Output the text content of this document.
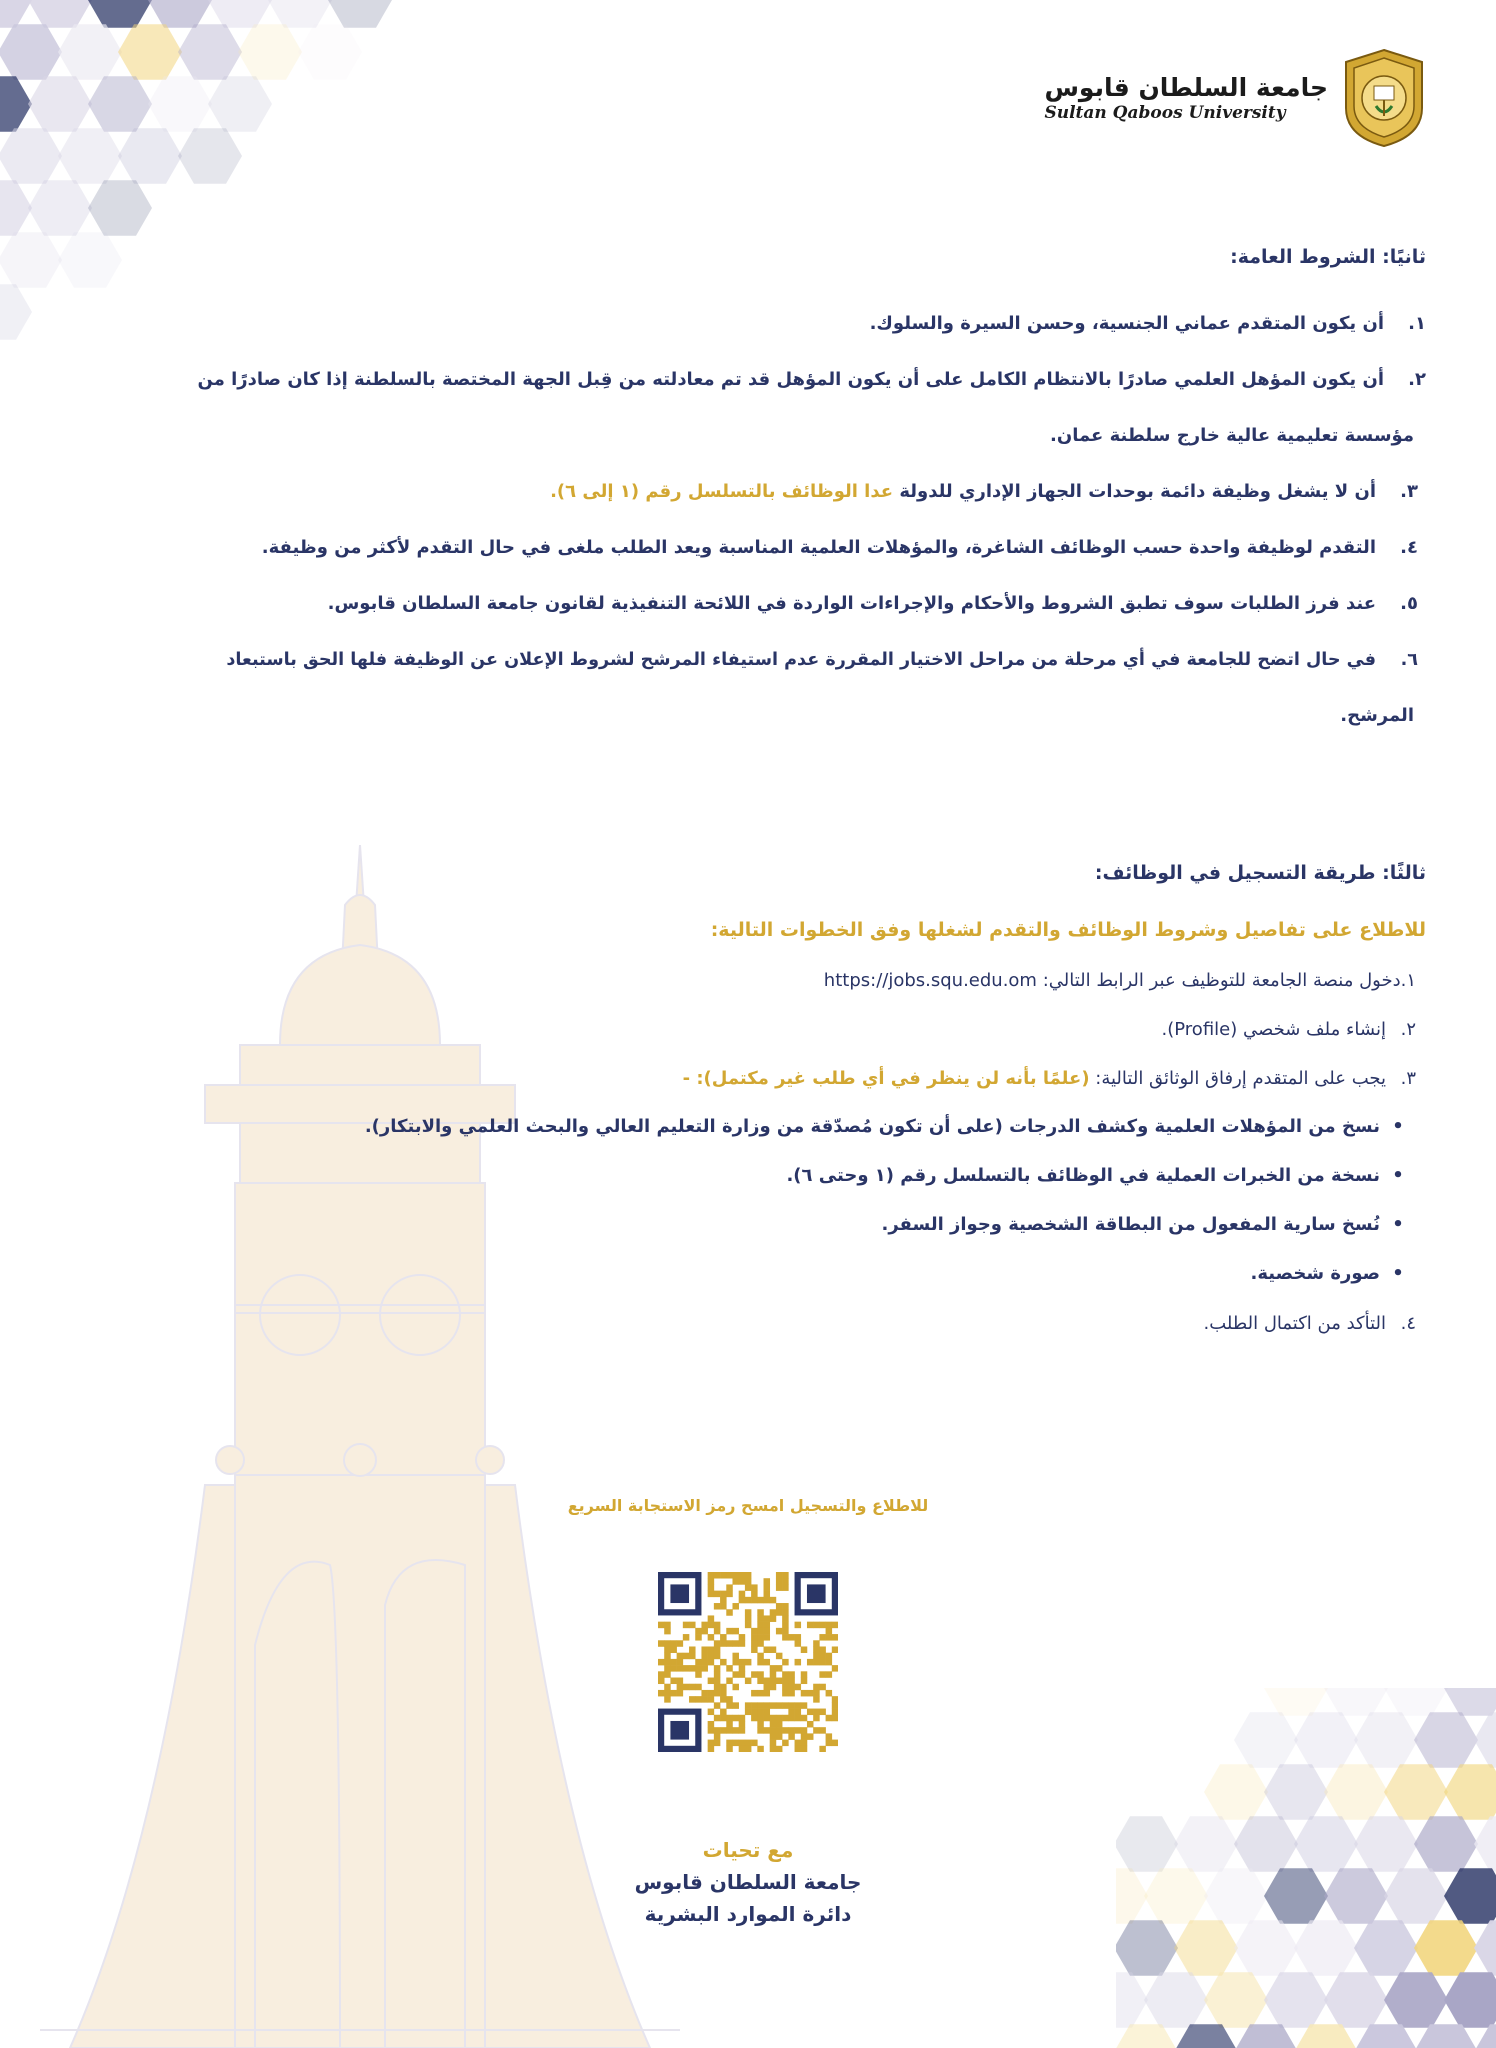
جامعة السلطان قابوس
Sultan Qaboos University
ثانيًا: الشروط العامة:
١.أن يكون المتقدم عماني الجنسية، وحسن السيرة والسلوك.
٢.أن يكون المؤهل العلمي صادرًا بالانتظام الكامل على أن يكون المؤهل قد تم معادلته من قِبل الجهة المختصة بالسلطنة إذا كان صادرًا من
مؤسسة تعليمية عالية خارج سلطنة عمان.
٣.أن لا يشغل وظيفة دائمة بوحدات الجهاز الإداري للدولة عدا الوظائف بالتسلسل رقم (١ إلى ٦).
٤.التقدم لوظيفة واحدة حسب الوظائف الشاغرة، والمؤهلات العلمية المناسبة ويعد الطلب ملغى في حال التقدم لأكثر من وظيفة.
٥.عند فرز الطلبات سوف تطبق الشروط والأحكام والإجراءات الواردة في اللائحة التنفيذية لقانون جامعة السلطان قابوس.
٦.في حال اتضح للجامعة في أي مرحلة من مراحل الاختيار المقررة عدم استيفاء المرشح لشروط الإعلان عن الوظيفة فلها الحق باستبعاد
المرشح.
ثالثًا: طريقة التسجيل في الوظائف:
للاطلاع على تفاصيل وشروط الوظائف والتقدم لشغلها وفق الخطوات التالية:
١.دخول منصة الجامعة للتوظيف عبر الرابط التالي: https://jobs.squ.edu.om
٢.إنشاء ملف شخصي (Profile).
٣.يجب على المتقدم إرفاق الوثائق التالية: (علمًا بأنه لن ينظر في أي طلب غير مكتمل): -
•نسخ من المؤهلات العلمية وكشف الدرجات (على أن تكون مُصدّقة من وزارة التعليم العالي والبحث العلمي والابتكار).
•نسخة من الخبرات العملية في الوظائف بالتسلسل رقم (١ وحتى ٦).
•نُسخ سارية المفعول من البطاقة الشخصية وجواز السفر.
•صورة شخصية.
٤.التأكد من اكتمال الطلب.
للاطلاع والتسجيل امسح رمز الاستجابة السريع
مع تحيات
جامعة السلطان قابوس
دائرة الموارد البشرية
